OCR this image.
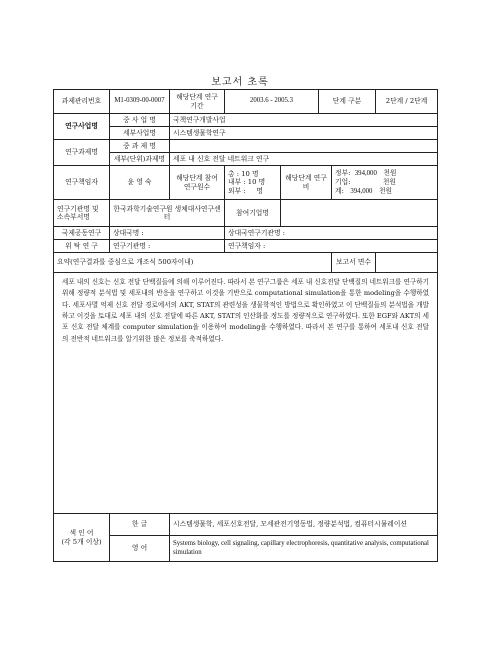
보고서 초록
과제관리번호	M1-0309-00-0007	해당단계 연구기간	2003.6 - 2005.3		단계 구분		2단계 / 2단계
연구사업명	중 사 업 명	국책연구개발사업					
	세부사업명	시스템생물학연구					
연구과제명	중 과 제 명						
	세부(단위)과제명	세포 내 신호 전달 네트워크 연구					
연구책임자	윤 영 숙	해당단계 참여연구원수	총 : 10 명
내부 : 10 명
외부 : 명	해당단계 연구비		정부: 394,000 천원
기업: 천원
계: 394,000 천원	

연구기관명 및 소속부서명	한국과학기술연구원 생체대사연구센터		참여기업명				
국제공동연구	상대국명 :		상대국연구기관명 :				
위 탁 연 구	연구기관명 :		연구책임자 :				
요약(연구결과를 중심으로 개조식 500자이내)						보고서 면수	
세포 내의 신호는 신호 전달 단백질들에 의해 이루어진다. 따라서 본 연구그룹은 세포 내 신호전달 단백질의 네트워크를 연구하기 위해 정량적 분석법 및 세포내의 반응을 연구하고 이것을 기반으로 computational simulation을 통한 modeling을 수행하였다. 세포사멸 억제 신호 전달 경로에서의 AKT, STAT의 관련성을 생물학적인 방법으로 확인하였고 이 단백질들의 분석법을 개발하고 이것을 토대로 세포 내의 신호 전달에 따른 AKT, STAT의 인산화를 정도를 정량적으로 연구하였다. 또한 EGF와 AKT의 세포 신호 전달 체계를 computer simulation을 이용하여 modeling을 수행하였다. 따라서 본 연구를 통하여 세포내 신호 전달의 전반적 네트워크를 알기위한 많은 정보를 축적하였다.							

색 인 어
(각 5개 이상)	한 글	시스템생물학, 세포신호전달, 모세관전기영동법, 정량분석법, 컴퓨터시뮬레이션					
	영 어	Systems biology, cell signaling, capillary electrophoresis, quantitative analysis, computational simulation					
